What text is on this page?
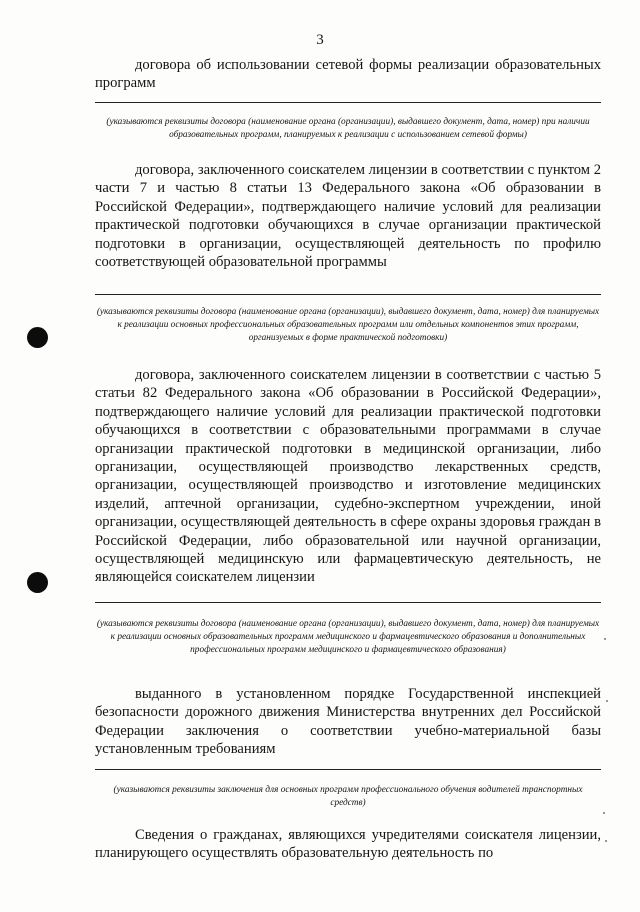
3
договора об использовании сетевой формы реализации образовательных программ
(указываются реквизиты договора (наименование органа (организации), выдавшего документ, дата, номер) при наличии образовательных программ, планируемых к реализации с использованием сетевой формы)
договора, заключенного соискателем лицензии в соответствии с пунктом 2 части 7 и частью 8 статьи 13 Федерального закона «Об образовании в Российской Федерации», подтверждающего наличие условий для реализации практической подготовки обучающихся в случае организации практической подготовки в организации, осуществляющей деятельность по профилю соответствующей образовательной программы
(указываются реквизиты договора (наименование органа (организации), выдавшего документ, дата, номер) для планируемых к реализации основных профессиональных образовательных программ или отдельных компонентов этих программ, организуемых в форме практической подготовки)
договора, заключенного соискателем лицензии в соответствии с частью 5 статьи 82 Федерального закона «Об образовании в Российской Федерации», подтверждающего наличие условий для реализации практической подготовки обучающихся в соответствии с образовательными программами в случае организации практической подготовки в медицинской организации, либо организации, осуществляющей производство лекарственных средств, организации, осуществляющей производство и изготовление медицинских изделий, аптечной организации, судебно-экспертном учреждении, иной организации, осуществляющей деятельность в сфере охраны здоровья граждан в Российской Федерации, либо образовательной или научной организации, осуществляющей медицинскую или фармацевтическую деятельность, не являющейся соискателем лицензии
(указываются реквизиты договора (наименование органа (организации), выдавшего документ, дата, номер) для планируемых к реализации основных образовательных программ медицинского и фармацевтического образования и дополнительных профессиональных программ медицинского и фармацевтического образования)
выданного в установленном порядке Государственной инспекцией безопасности дорожного движения Министерства внутренних дел Российской Федерации заключения о соответствии учебно-материальной базы установленным требованиям
(указываются реквизиты заключения для основных программ профессионального обучения водителей транспортных средств)
Сведения о гражданах, являющихся учредителями соискателя лицензии, планирующего осуществлять образовательную деятельность по
